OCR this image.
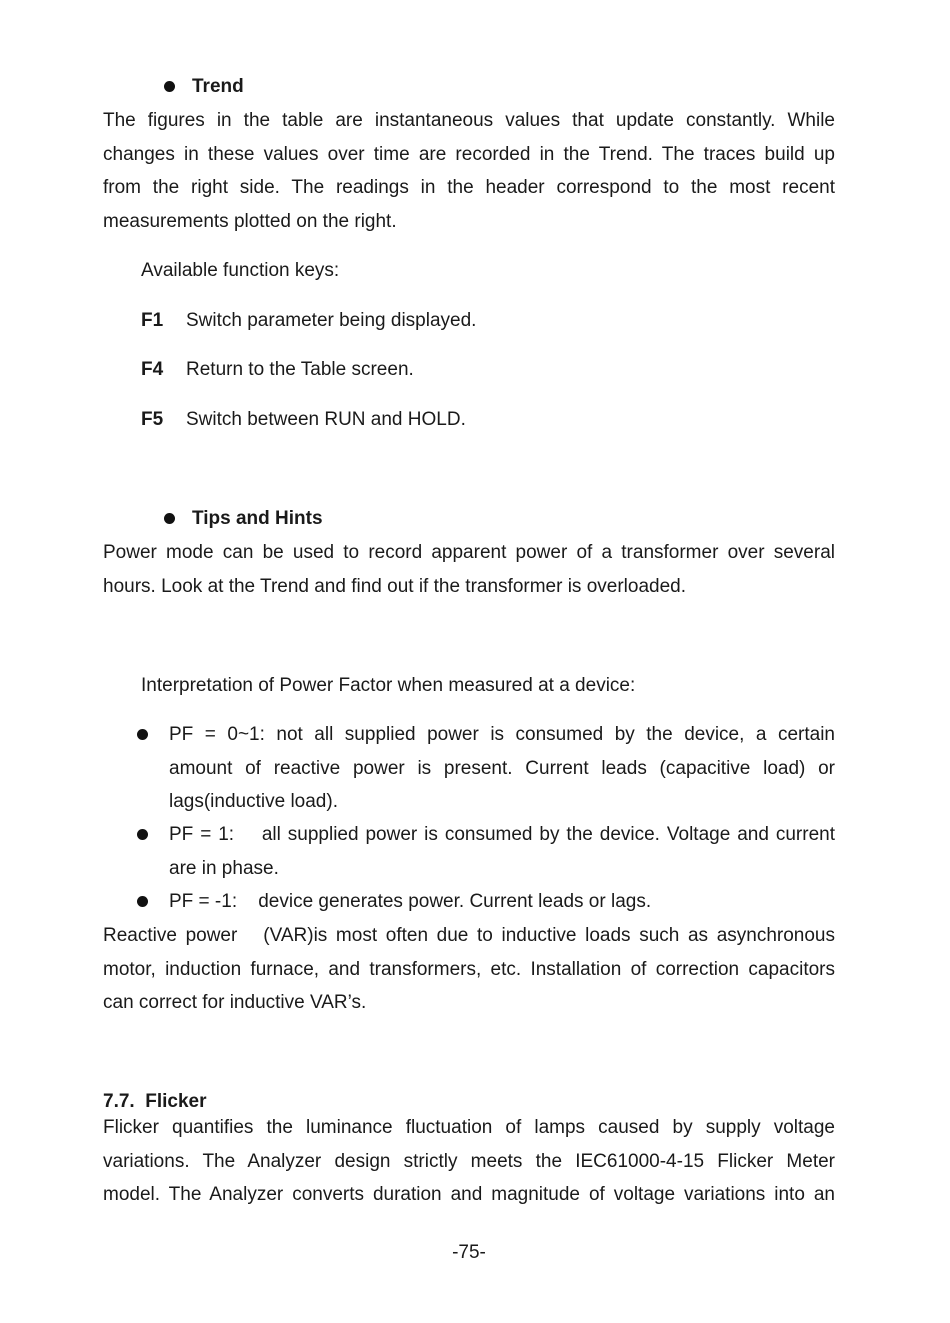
Trend
The figures in the table are instantaneous values that update constantly. While
changes in these values over time are recorded in the Trend. The traces build up
from the right side. The readings in the header correspond to the most recent
measurements plotted on the right.
Available function keys:
F1 Switch parameter being displayed.
F4 Return to the Table screen.
F5 Switch between RUN and HOLD.
Tips and Hints
Power mode can be used to record apparent power of a transformer over several
hours. Look at the Trend and find out if the transformer is overloaded.
Interpretation of Power Factor when measured at a device:
PF = 0~1: not all supplied power is consumed by the device, a certain
amount of reactive power is present. Current leads (capacitive load) or
lags(inductive load).
PF = 1:    all supplied power is consumed by the device. Voltage and current
are in phase.
PF = -1:    device generates power. Current leads or lags.
Reactive power   (VAR)is most often due to inductive loads such as asynchronous
motor, induction furnace, and transformers, etc. Installation of correction capacitors
can correct for inductive VAR’s.
7.7.  Flicker
Flicker quantifies the luminance fluctuation of lamps caused by supply voltage
variations. The Analyzer design strictly meets the IEC61000-4-15 Flicker Meter
model. The Analyzer converts duration and magnitude of voltage variations into an
-75-
